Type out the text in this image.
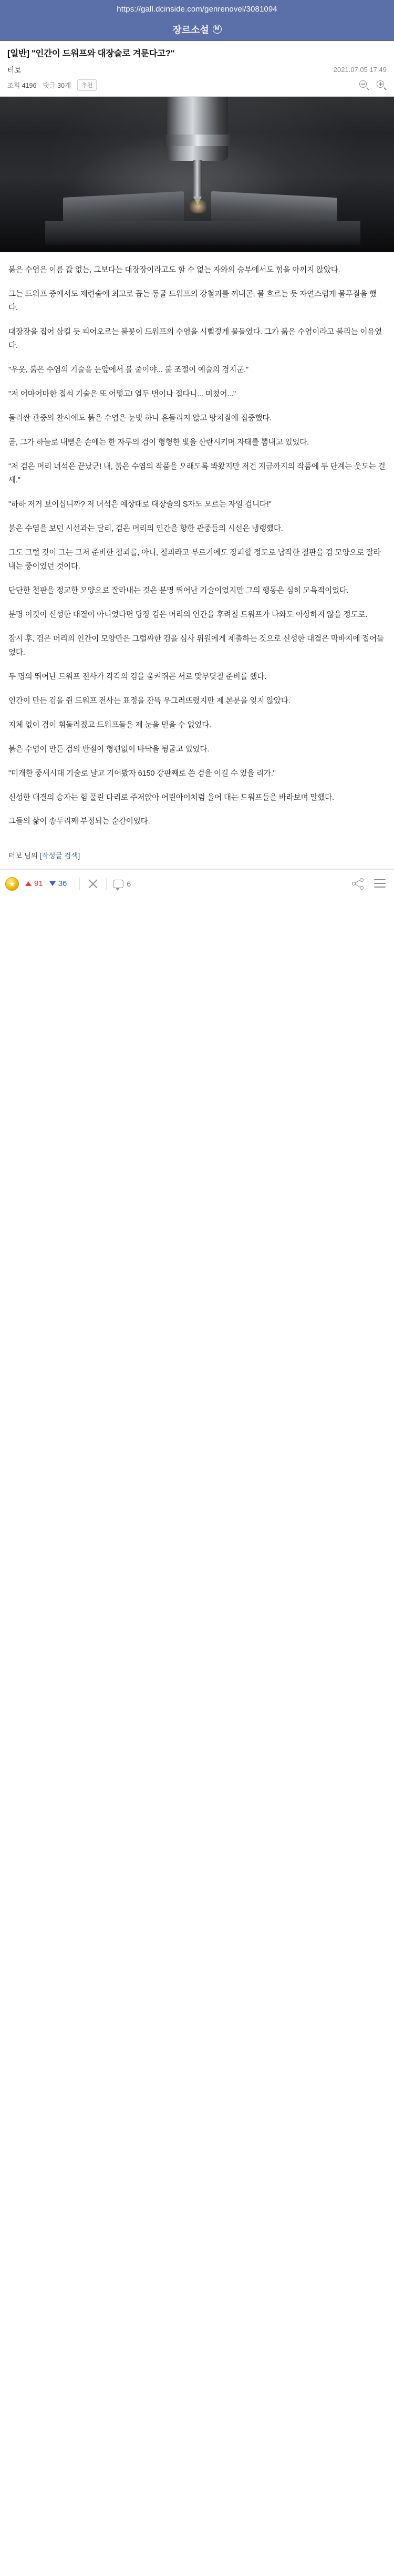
https://gall.dcinside.com/genrenovel/3081094
장르소설	M
[일반] "인간이 드워프와 대장술로 겨룬다고?"
터보	2021.07.05 17:49
조회 4196 댓글 30개	추천

붉은 수염은 이름 값 없는, 그보다는 대장장이라고도 할 수 없는 자와의 승부에서도 힘을 아끼지 않았다.

그는 드워프 중에서도 제련술에 최고로 꼽는 동굴 드워프의 강철괴를 꺼내곤, 물 흐르는 듯 자연스럽게 물푸질을 했다.

대장장을 집어 삼킬 듯 피어오르는 불꽃이 드워프의 수염을 시뻘겋게 물들였다. 그가 붉은 수염이라고 불리는 이유였다.

"우옷, 붉은 수염의 기술을 눈앞에서 볼 줄이야... 불 조절이 예술의 경지군."

"저 어마어마한 접쇠 기술은 또 어떻고! 열두 번이나 접다니... 미쳤어..."

둘러싼 관중의 찬사에도 붉은 수염은 눈빛 하나 흔들리지 않고 망치질에 집중했다.

곧, 그가 하늘로 내뻗은 손에는 한 자루의 검이 형형한 빛을 산란시키며 자태를 뽐내고 있었다.

"저 검은 머리 녀석은 끝났군! 내, 붉은 수염의 작품을 오래도록 봐왔지만 저건 지금까지의 작품에 두 단계는 웃도는 걸세."

"하하 저거 보이십니까? 저 녀석은 예상대로 대장술의 S자도 모르는 자일 겁니다!"

붉은 수염을 보던 시선과는 달리, 검은 머리의 인간을 향한 관중들의 시선은 냉랭했다.

그도 그럴 것이 그는 그저 준비한 철괴를, 아니, 철괴라고 부르기에도 장피할 정도로 납작한 철판을 검 모양으로 잘라내는 중이었던 것이다.

단단한 철판을 정교한 모양으로 잘라내는 것은 분명 뛰어난 기술이었지만 그의 행동은 심히 모욕적이었다.

분명 이것이 신성한 대결이 아니었다면 당장 검은 머리의 인간을 후려칠 드워프가 나와도 이상하지 않을 정도로.

잠시 후, 검은 머리의 인간이 모양만은 그럴싸한 검을 심사 위원에게 제출하는 것으로 신성한 대결은 막바지에 접어들었다.

두 명의 뛰어난 드워프 전사가 각각의 검을 움켜쥐곤 서로 맞부딪칠 준비를 했다.

인간이 만든 검을 쥔 드워프 전사는 표정을 잔뜩 우그러뜨렸지만 제 본분을 잊지 않았다.

지체 없이 검이 휘둘러졌고 드워프들은 제 눈을 믿을 수 없었다.

붉은 수염이 만든 검의 반절이 형편없이 바닥을 뒹굴고 있었다.

"미개한 중세시대 기술로 날고 기어봤자 6150 강판째로 쓴 검을 이길 수 있을 리가."

신성한 대결의 승자는 힘 풀린 다리로 주저앉아 어린아이처럼 울어 대는 드워프들을 바라보며 말했다.

그들의 삶이 송두리째 부정되는 순간이었다.

터보 님의 [작성글 검색]
★
91 36	6
